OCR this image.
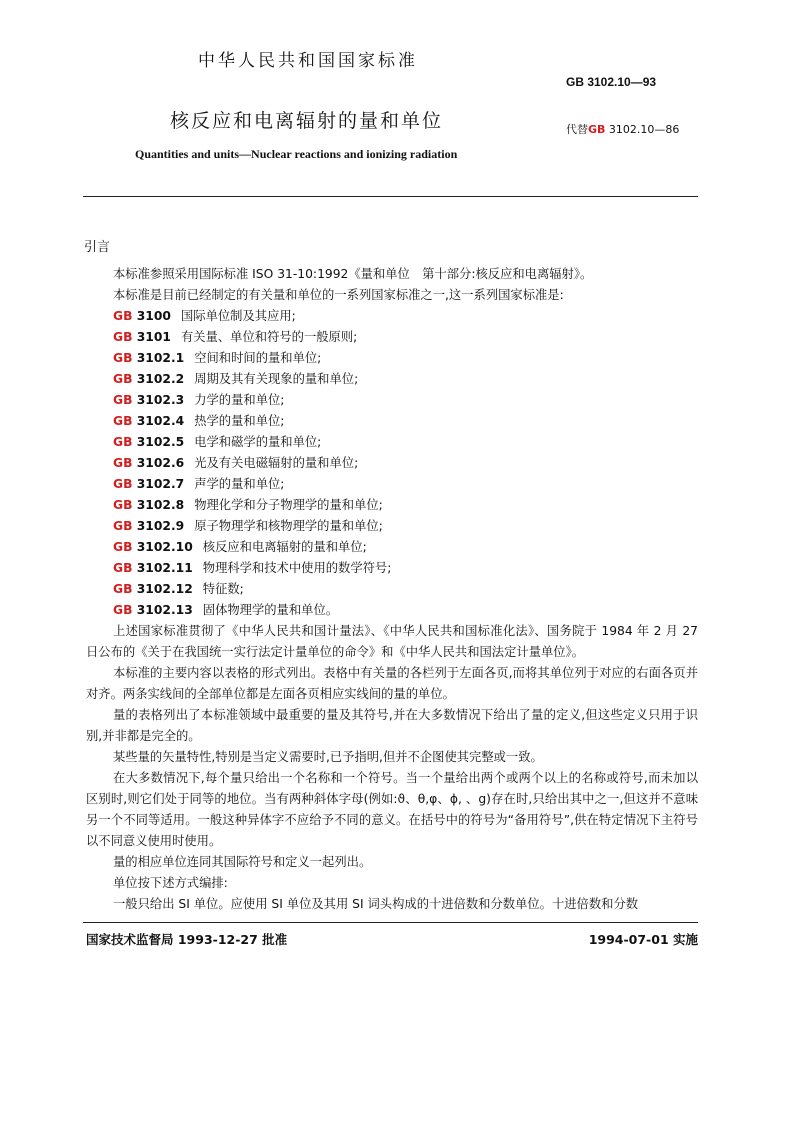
中华人民共和国国家标准
GB 3102.10—93
核反应和电离辐射的量和单位	代替GB 3102.10—86
Quantities and units—Nuclear reactions and ionizing radiation
引言

本标准参照采用国际标准 ISO 31-10:1992《量和单位　第十部分:核反应和电离辐射》。

本标准是目前已经制定的有关量和单位的一系列国家标准之一,这一系列国家标准是:

GB 3100 国际单位制及其应用;
GB 3101 有关量、单位和符号的一般原则;
GB 3102.1 空间和时间的量和单位;
GB 3102.2 周期及其有关现象的量和单位;
GB 3102.3 力学的量和单位;
GB 3102.4 热学的量和单位;
GB 3102.5 电学和磁学的量和单位;
GB 3102.6 光及有关电磁辐射的量和单位;
GB 3102.7 声学的量和单位;
GB 3102.8 物理化学和分子物理学的量和单位;
GB 3102.9 原子物理学和核物理学的量和单位;
GB 3102.10 核反应和电离辐射的量和单位;
GB 3102.11 物理科学和技术中使用的数学符号;
GB 3102.12 特征数;
GB 3102.13 固体物理学的量和单位。

上述国家标准贯彻了《中华人民共和国计量法》、《中华人民共和国标准化法》、国务院于 1984 年 2 月 27 日公布的《关于在我国统一实行法定计量单位的命令》和《中华人民共和国法定计量单位》。

本标准的主要内容以表格的形式列出。表格中有关量的各栏列于左面各页,而将其单位列于对应的右面各页并对齐。两条实线间的全部单位都是左面各页相应实线间的量的单位。

量的表格列出了本标准领域中最重要的量及其符号,并在大多数情况下给出了量的定义,但这些定义只用于识别,并非都是完全的。

某些量的矢量特性,特别是当定义需要时,已予指明,但并不企图使其完整或一致。

在大多数情况下,每个量只给出一个名称和一个符号。当一个量给出两个或两个以上的名称或符号,而未加以区别时,则它们处于同等的地位。当有两种斜体字母(例如:ϑ、θ,φ、ϕ, 、g)存在时,只给出其中之一,但这并不意味另一个不同等适用。一般这种异体字不应给予不同的意义。在括号中的符号为“备用符号”,供在特定情况下主符号以不同意义使用时使用。

量的相应单位连同其国际符号和定义一起列出。

单位按下述方式编排:

一般只给出 SI 单位。应使用 SI 单位及其用 SI 词头构成的十进倍数和分数单位。十进倍数和分数

国家技术监督局 1993-12-27 批准	1994-07-01 实施
